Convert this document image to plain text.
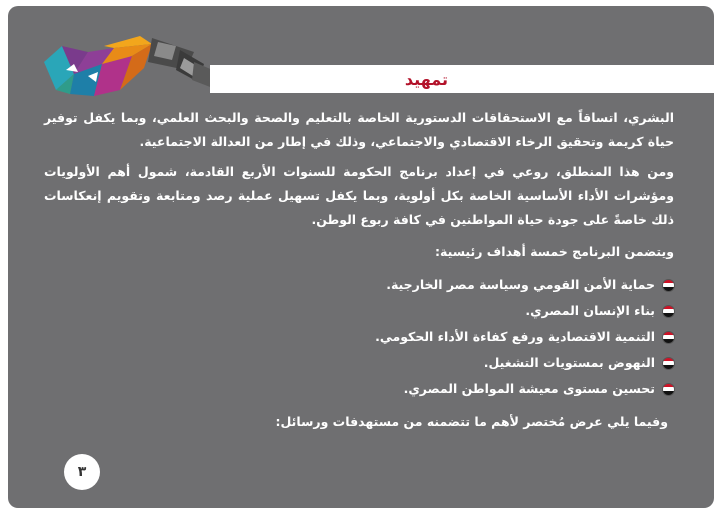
تمهيد

البشري، اتساقاً مع الاستحقاقات الدستورية الخاصة بالتعليم والصحة والبحث العلمي، وبما يكفل توفير حياة كريمة وتحقيق الرخاء الاقتصادي والاجتماعي، وذلك في إطار من العدالة الاجتماعية.

ومن هذا المنطلق، روعي في إعداد برنامج الحكومة للسنوات الأربع القادمة، شمول أهم الأولويات ومؤشرات الأداء الأساسية الخاصة بكل أولوية، وبما يكفل تسهيل عملية رصد ومتابعة وتقويم إنعكاسات ذلك خاصةً على جودة حياة المواطنين في كافة ربوع الوطن.

ويتضمن البرنامج خمسة أهداف رئيسية:

حماية الأمن القومي وسياسة مصر الخارجية.
بناء الإنسان المصري.
التنمية الاقتصادية ورفع كفاءة الأداء الحكومي.
النهوض بمستويات التشغيل.
تحسين مستوى معيشة المواطن المصري.

وفيما يلي عرض مُختصر لأهم ما تتضمنه من مستهدفات ورسائل:

٣
